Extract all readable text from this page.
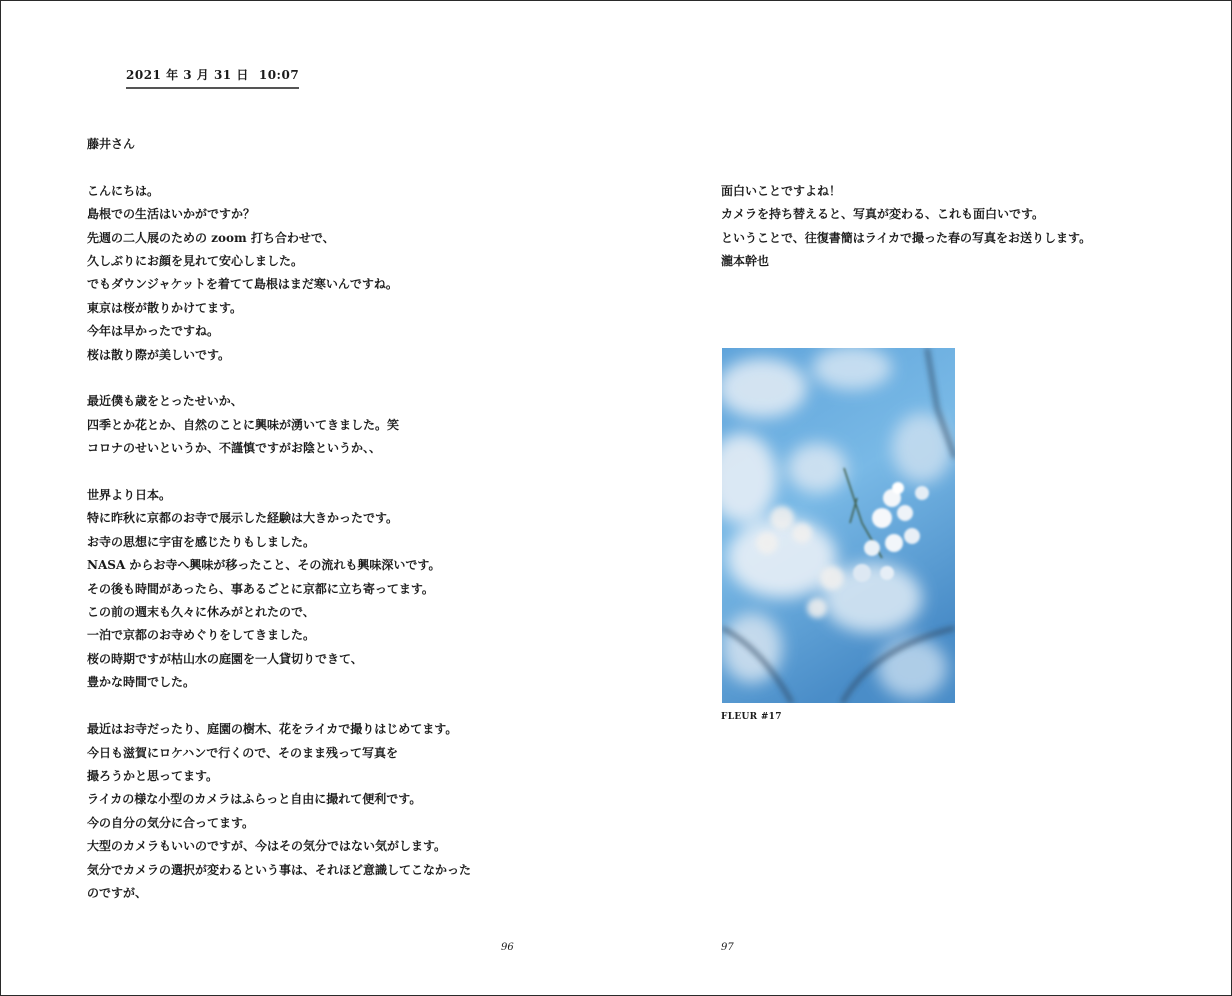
2021 年 3 月 31 日 10:07

藤井さん

こんにちは。

島根での生活はいかがですか？

先週の二人展のための zoom 打ち合わせで、

久しぶりにお顔を見れて安心しました。

でもダウンジャケットを着てて島根はまだ寒いんですね。

東京は桜が散りかけてます。

今年は早かったですね。

桜は散り際が美しいです。

最近僕も歳をとったせいか、

四季とか花とか、自然のことに興味が湧いてきました。笑

コロナのせいというか、不謹慎ですがお陰というか、、

世界より日本。

特に昨秋に京都のお寺で展示した経験は大きかったです。

お寺の思想に宇宙を感じたりもしました。

NASA からお寺へ興味が移ったこと、その流れも興味深いです。

その後も時間があったら、事あるごとに京都に立ち寄ってます。

この前の週末も久々に休みがとれたので、

一泊で京都のお寺めぐりをしてきました。

桜の時期ですが枯山水の庭園を一人貸切りできて、

豊かな時間でした。

最近はお寺だったり、庭園の樹木、花をライカで撮りはじめてます。

今日も滋賀にロケハンで行くので、そのまま残って写真を

撮ろうかと思ってます。

ライカの様な小型のカメラはふらっと自由に撮れて便利です。

今の自分の気分に合ってます。

大型のカメラもいいのですが、今はその気分ではない気がします。

気分でカメラの選択が変わるという事は、それほど意識してこなかった

のですが、

面白いことですよね！

カメラを持ち替えると、写真が変わる、これも面白いです。

ということで、往復書簡はライカで撮った春の写真をお送りします。

瀧本幹也

FLEUR #17
96	97
